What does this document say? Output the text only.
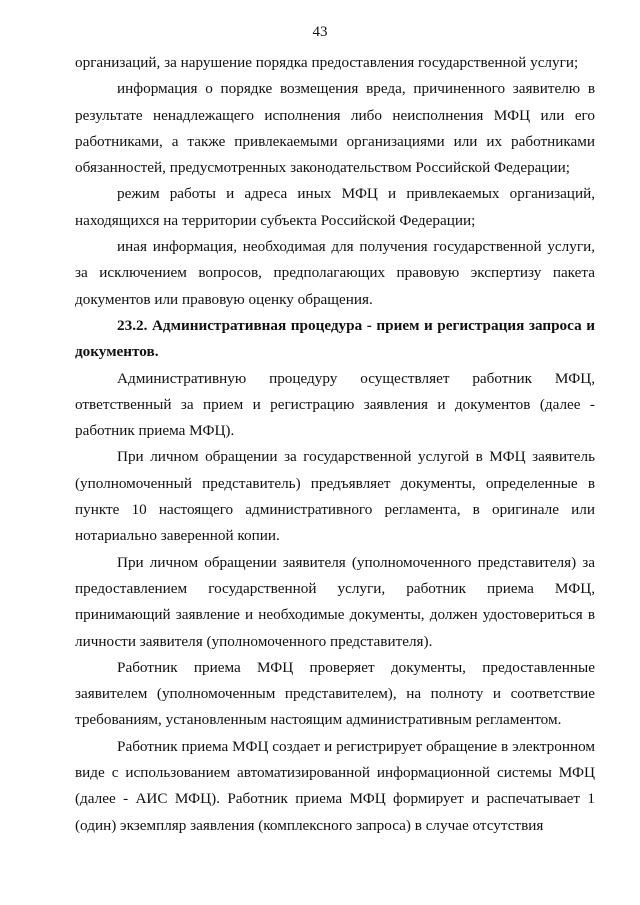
43

организаций, за нарушение порядка предоставления государственной услуги;

информация о порядке возмещения вреда, причиненного заявителю в результате ненадлежащего исполнения либо неисполнения МФЦ или его работниками, а также привлекаемыми организациями или их работниками обязанностей, предусмотренных законодательством Российской Федерации;

режим работы и адреса иных МФЦ и привлекаемых организаций, находящихся на территории субъекта Российской Федерации;

иная информация, необходимая для получения государственной услуги, за исключением вопросов, предполагающих правовую экспертизу пакета документов или правовую оценку обращения.

23.2. Административная процедура - прием и регистрация запроса и документов.

Административную процедуру осуществляет работник МФЦ, ответственный за прием и регистрацию заявления и документов (далее - работник приема МФЦ).

При личном обращении за государственной услугой в МФЦ заявитель (уполномоченный представитель) предъявляет документы, определенные в пункте 10 настоящего административного регламента, в оригинале или нотариально заверенной копии.

При личном обращении заявителя (уполномоченного представителя) за предоставлением государственной услуги, работник приема МФЦ, принимающий заявление и необходимые документы, должен удостовериться в личности заявителя (уполномоченного представителя).

Работник приема МФЦ проверяет документы, предоставленные заявителем (уполномоченным представителем), на полноту и соответствие требованиям, установленным настоящим административным регламентом.

Работник приема МФЦ создает и регистрирует обращение в электронном виде с использованием автоматизированной информационной системы МФЦ (далее - АИС МФЦ). Работник приема МФЦ формирует и распечатывает 1 (один) экземпляр заявления (комплексного запроса) в случае отсутствия
